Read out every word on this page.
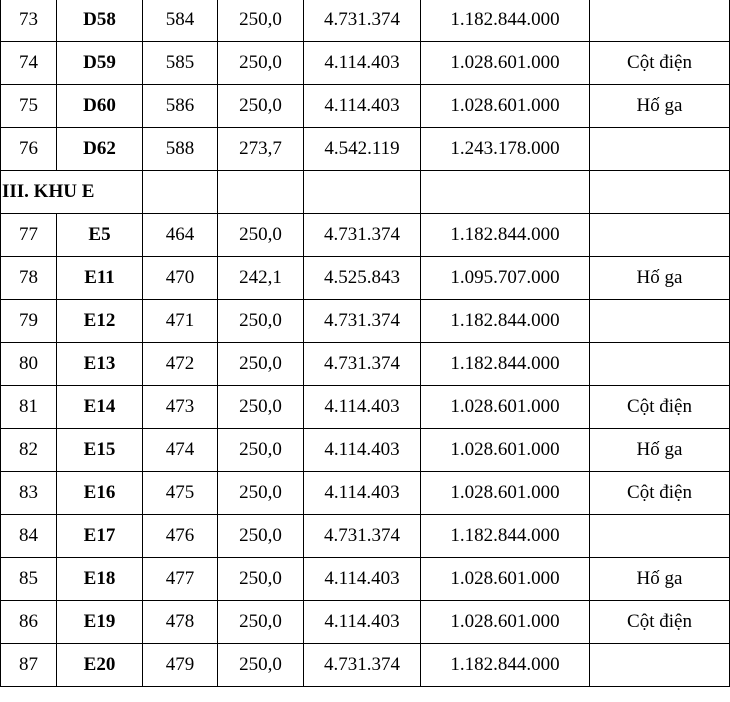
73	D58	584	250,0	4.731.374	1.182.844.000	
74	D59	585	250,0	4.114.403	1.028.601.000	Cột điện
75	D60	586	250,0	4.114.403	1.028.601.000	Hố ga
76	D62	588	273,7	4.542.119	1.243.178.000	
III. KHU E						
77	E5	464	250,0	4.731.374	1.182.844.000	
78	E11	470	242,1	4.525.843	1.095.707.000	Hố ga
79	E12	471	250,0	4.731.374	1.182.844.000	
80	E13	472	250,0	4.731.374	1.182.844.000	
81	E14	473	250,0	4.114.403	1.028.601.000	Cột điện
82	E15	474	250,0	4.114.403	1.028.601.000	Hố ga
83	E16	475	250,0	4.114.403	1.028.601.000	Cột điện
84	E17	476	250,0	4.731.374	1.182.844.000	
85	E18	477	250,0	4.114.403	1.028.601.000	Hố ga
86	E19	478	250,0	4.114.403	1.028.601.000	Cột điện
87	E20	479	250,0	4.731.374	1.182.844.000	
